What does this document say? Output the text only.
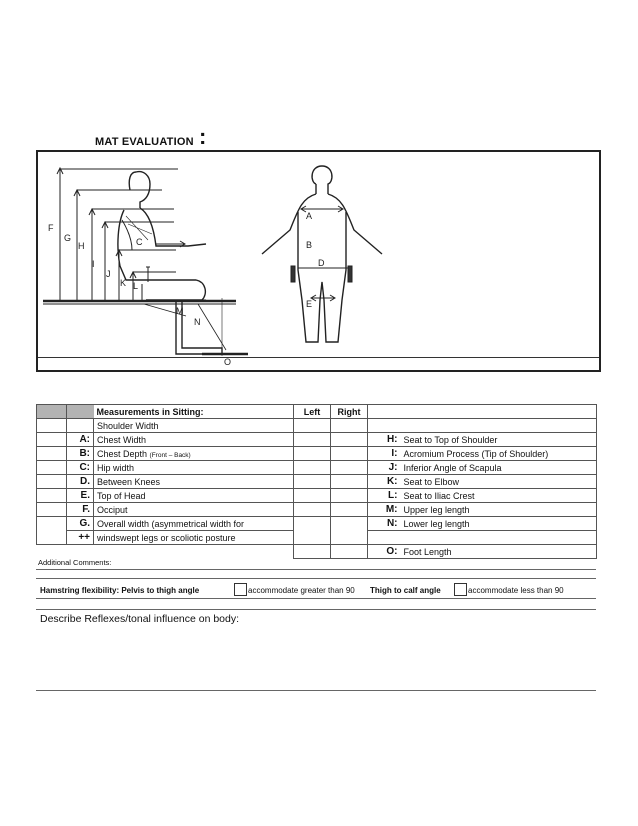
MAT EVALUATION :
F
G
H
I
J
K L
C
M
N
O
A
B
D
E
		Measurements in Sitting:	Left	Right		
		Shoulder Width				
	A:	Chest Width			H:	Seat to Top of Shoulder
	B:	Chest Depth (Front – Back)			I:	Acromium Process (Tip of Shoulder)
	C:	Hip width			J:	Inferior Angle of Scapula
	D.	Between Knees			K:	Seat to Elbow
	E.	Top of Head			L:	Seat to Iliac Crest
	F.	Occiput			M:	Upper leg length
	G.	Overall width (asymmetrical width for			N:	Lower leg length
	++	windswept legs or scoliotic posture				
					O:	Foot Length
Additional Comments:
Hamstring flexibility: Pelvis to thigh angle	accommodate greater than 90 Thigh to calf angle	accommodate less than 90
Describe Reflexes/tonal influence on body:
